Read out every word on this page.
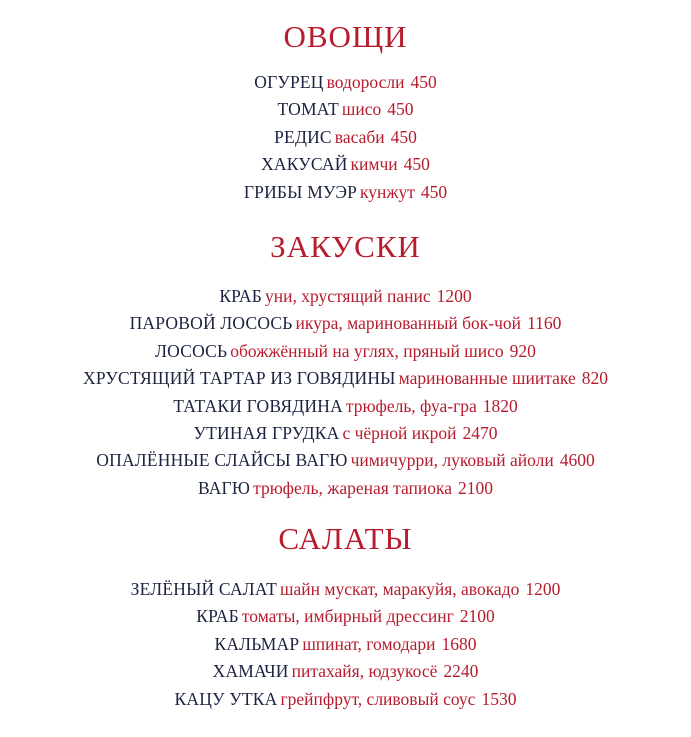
ОВОЩИ
ОГУРЕЦ водоросли 450
ТОМАТ шисо 450
РЕДИС васаби 450
ХАКУСАЙ кимчи 450
ГРИБЫ МУЭР кунжут 450
ЗАКУСКИ
КРАБ уни, хрустящий панис 1200
ПАРОВОЙ ЛОСОСЬ икура, маринованный бок-чой 1160
ЛОСОСЬ обожжённый на углях, пряный шисо 920
ХРУСТЯЩИЙ ТАРТАР ИЗ ГОВЯДИНЫ маринованные шиитаке 820
ТАТАКИ ГОВЯДИНА трюфель, фуа-гра 1820
УТИНАЯ ГРУДКА с чёрной икрой 2470
ОПАЛЁННЫЕ СЛАЙСЫ ВАГЮ чимичурри, луковый айоли 4600
ВАГЮ трюфель, жареная тапиока 2100
САЛАТЫ
ЗЕЛЁНЫЙ САЛАТ шайн мускат, маракуйя, авокадо 1200
КРАБ томаты, имбирный дрессинг 2100
КАЛЬМАР шпинат, гомодари 1680
ХАМАЧИ питахайя, юдзукосё 2240
КАЦУ УТКА грейпфрут, сливовый соус 1530
